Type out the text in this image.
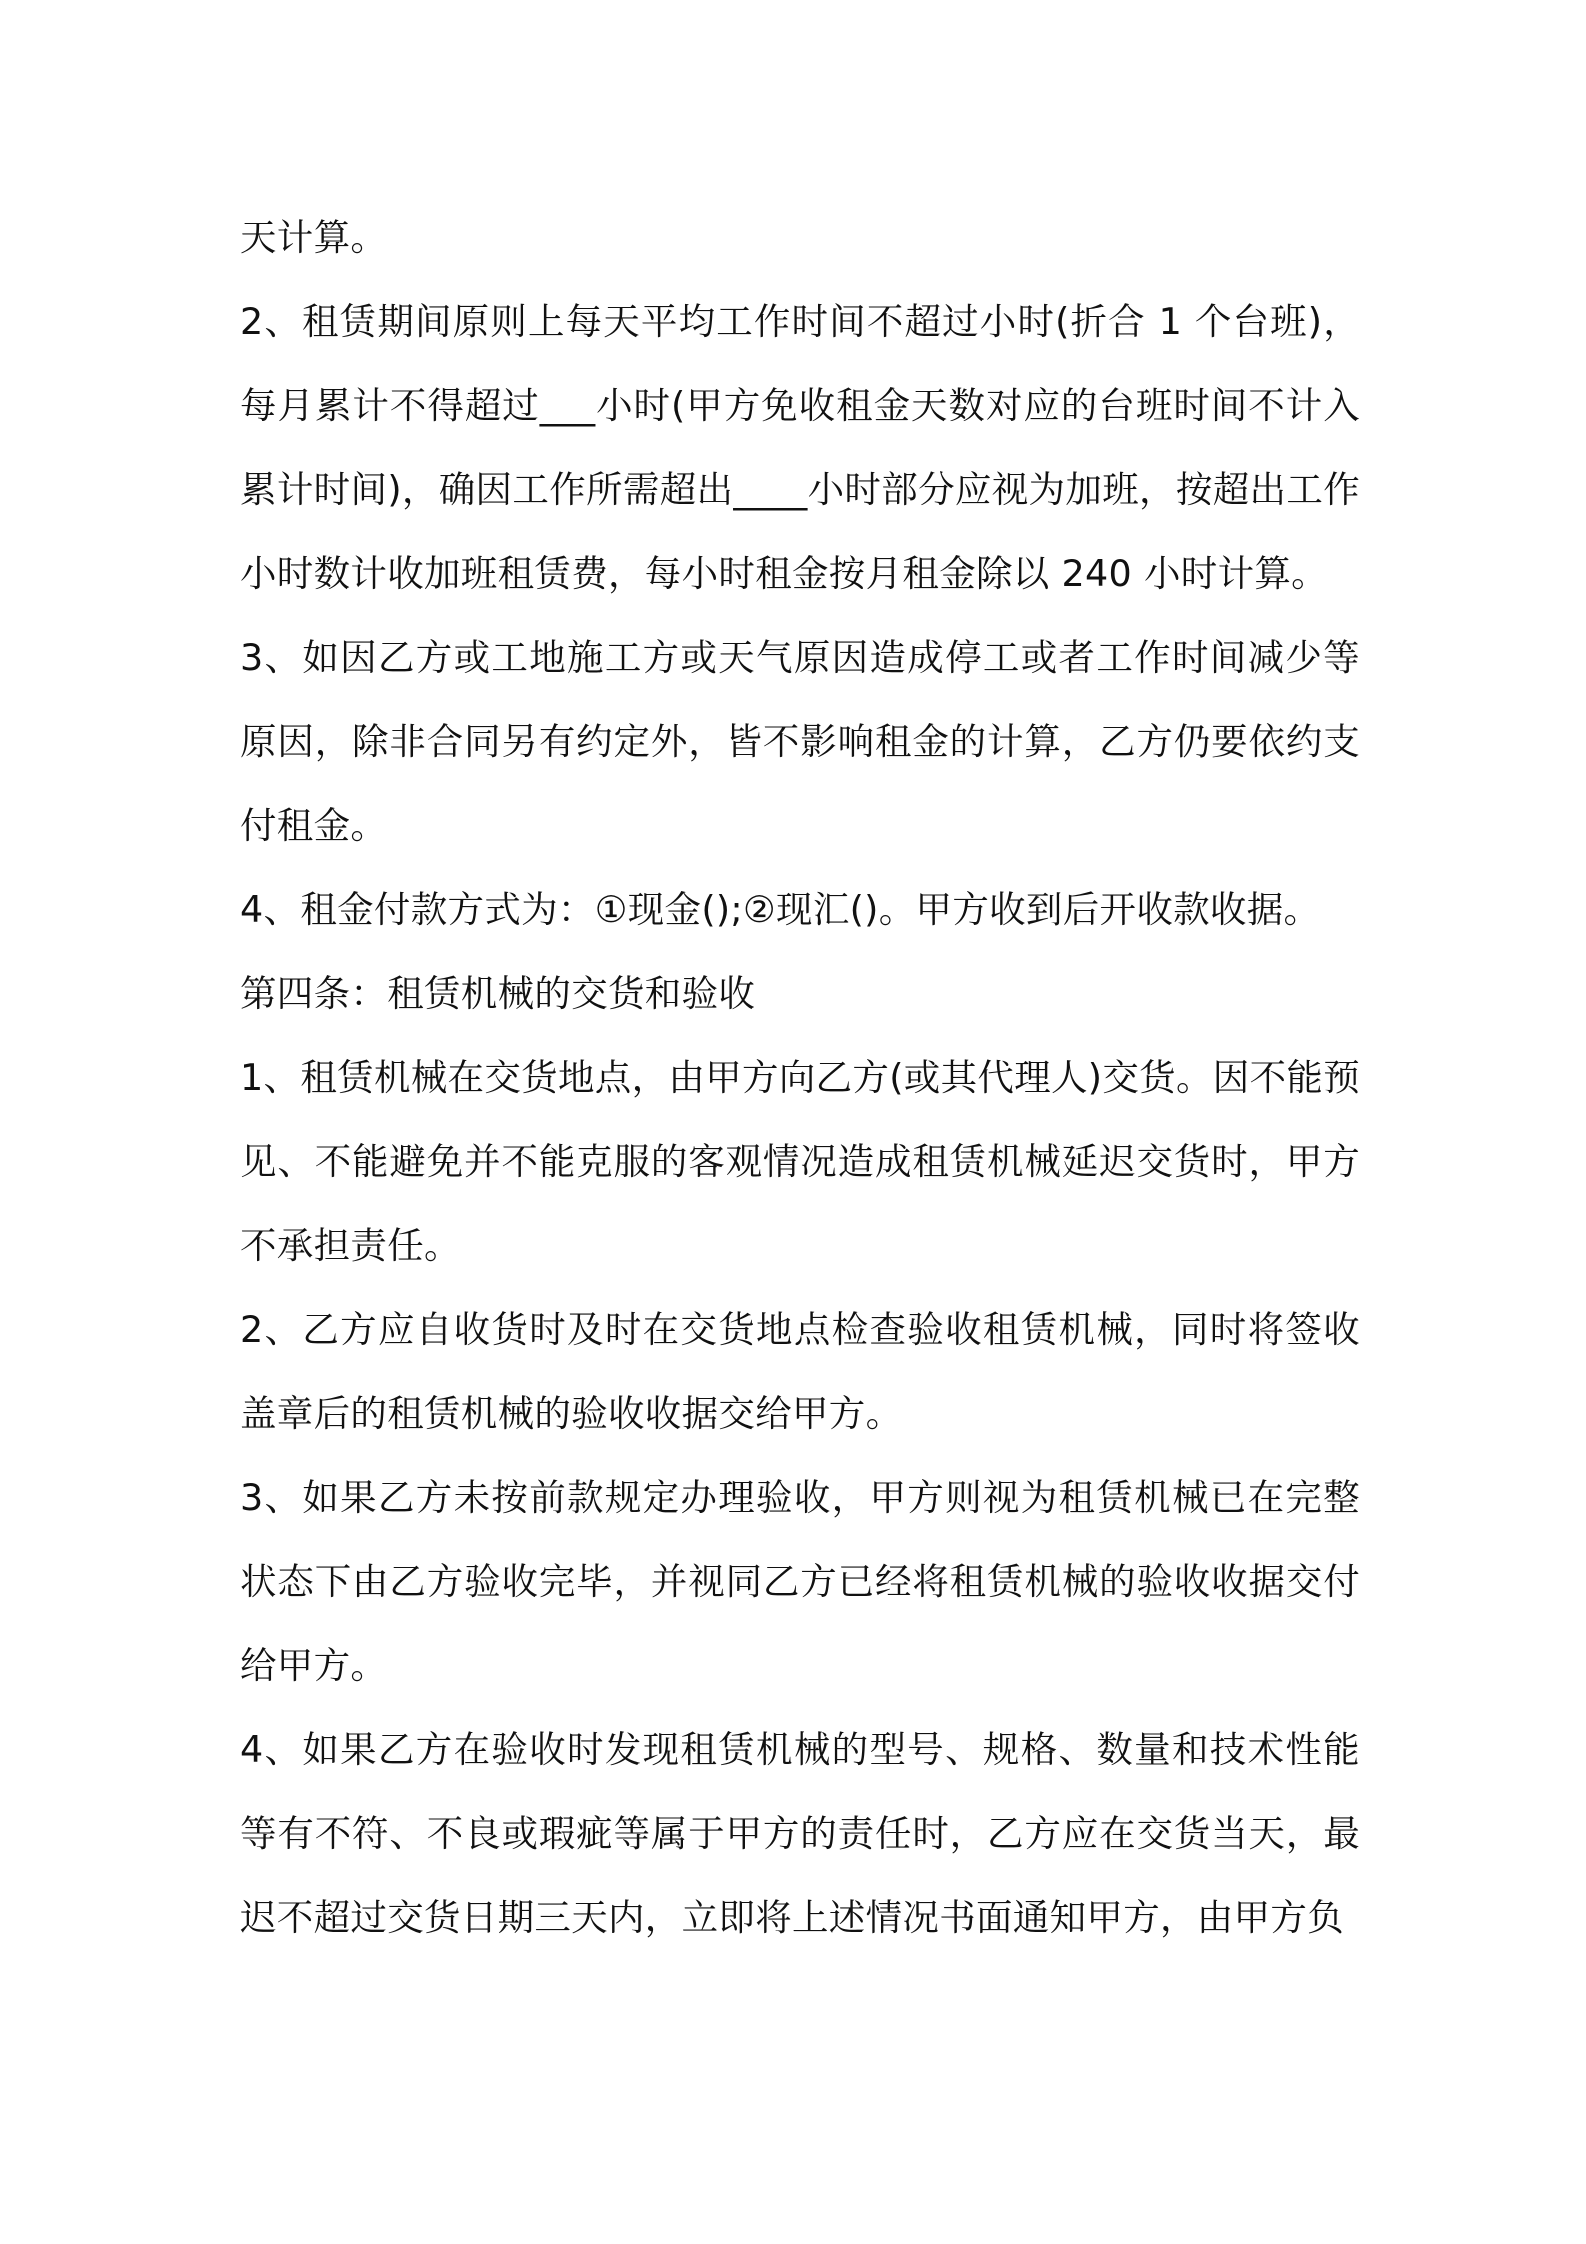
天计算。

2、租赁期间原则上每天平均工作时间不超过小时(折合 1 个台班)，每月累计不得超过___小时(甲方免收租金天数对应的台班时间不计入累计时间)，确因工作所需超出____小时部分应视为加班，按超出工作小时数计收加班租赁费，每小时租金按月租金除以 240 小时计算。

3、如因乙方或工地施工方或天气原因造成停工或者工作时间减少等原因，除非合同另有约定外，皆不影响租金的计算，乙方仍要依约支付租金。

4、租金付款方式为：①现金();②现汇()。甲方收到后开收款收据。

第四条：租赁机械的交货和验收

1、租赁机械在交货地点，由甲方向乙方(或其代理人)交货。因不能预见、不能避免并不能克服的客观情况造成租赁机械延迟交货时，甲方不承担责任。

2、乙方应自收货时及时在交货地点检查验收租赁机械，同时将签收盖章后的租赁机械的验收收据交给甲方。

3、如果乙方未按前款规定办理验收，甲方则视为租赁机械已在完整状态下由乙方验收完毕，并视同乙方已经将租赁机械的验收收据交付给甲方。

4、如果乙方在验收时发现租赁机械的型号、规格、数量和技术性能等有不符、不良或瑕疵等属于甲方的责任时，乙方应在交货当天，最迟不超过交货日期三天内，立即将上述情况书面通知甲方，由甲方负
